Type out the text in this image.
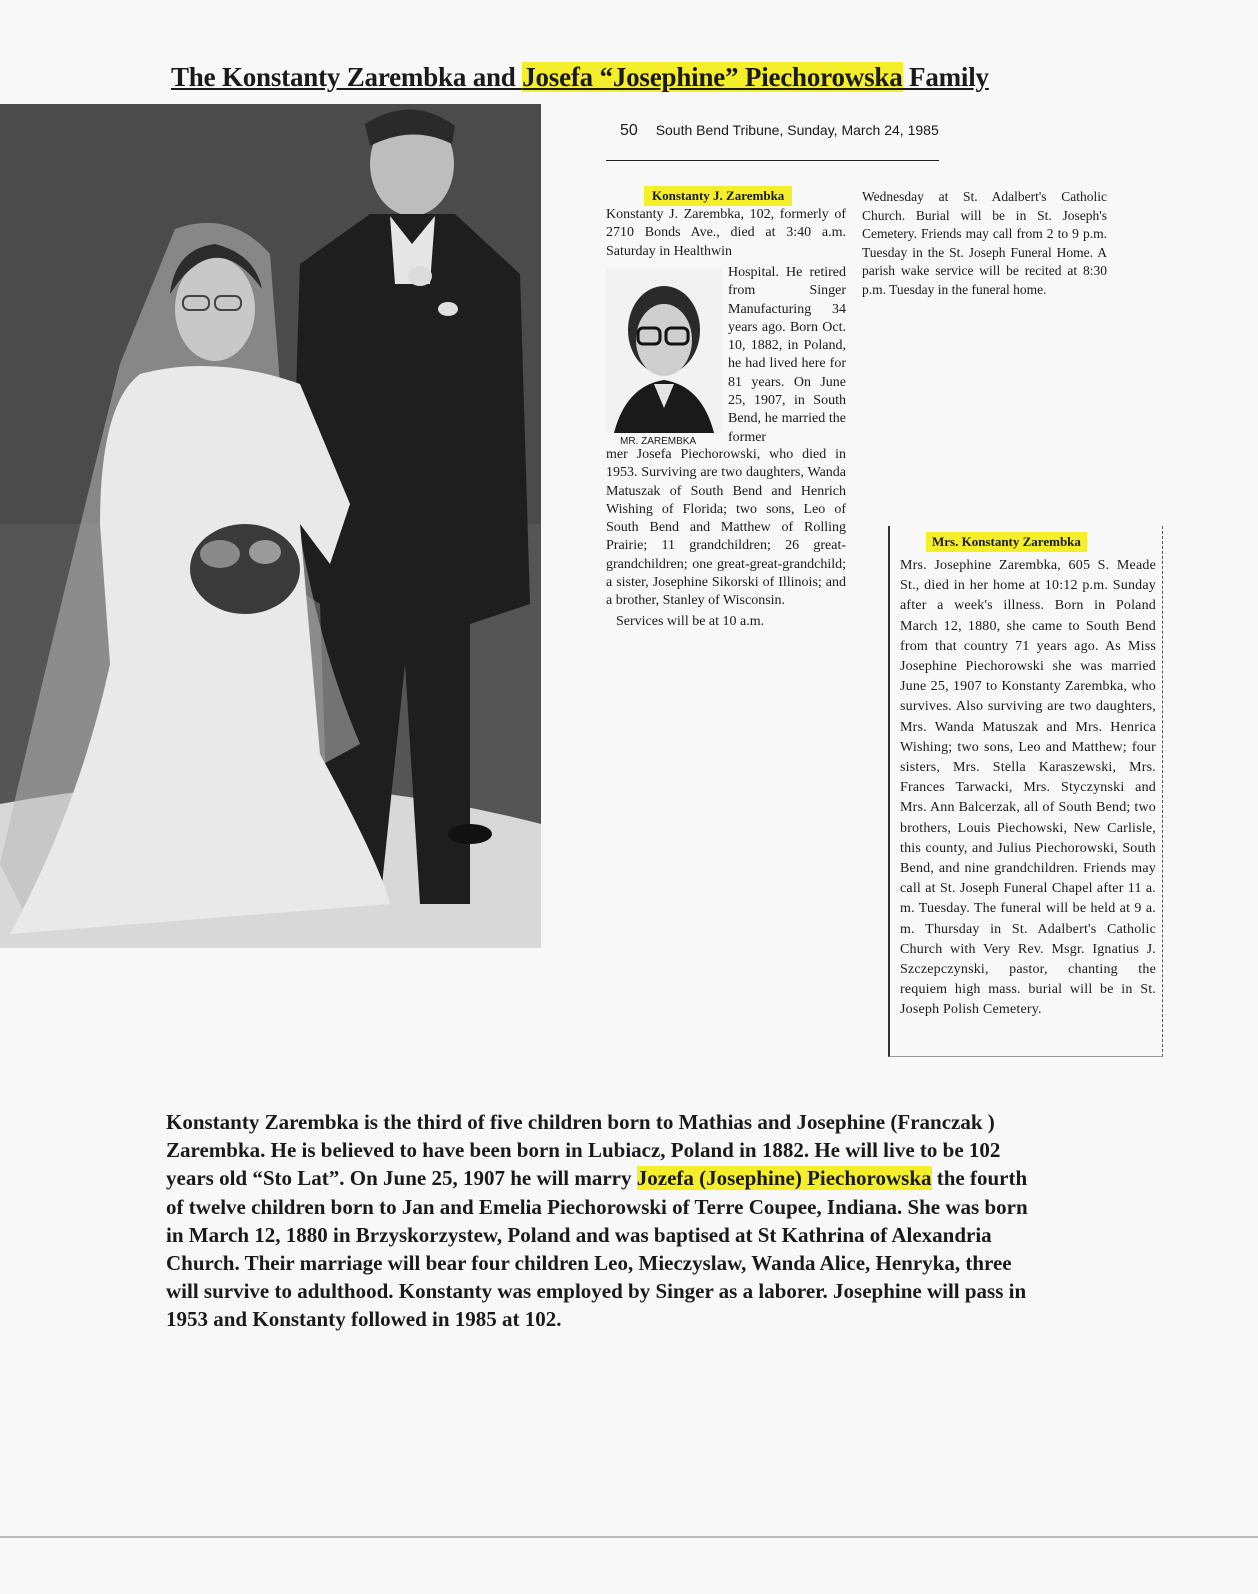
The Konstanty Zarembka and Josefa “Josephine” Piechorowska Family
50 South Bend Tribune, Sunday, March 24, 1985
Konstanty J. Zarembka
Konstanty J. Zarembka, 102, formerly of 2710 Bonds Ave., died at 3:40 a.m. Saturday in Healthwin
Hospital. He retired from Singer Manufacturing 34 years ago. Born Oct. 10, 1882, in Poland, he had lived here for 81 years. On June 25, 1907, in South Bend, he married the former
MR. ZAREMBKA
mer Josefa Piechorowski, who died in 1953. Surviving are two daughters, Wanda Matuszak of South Bend and Henrich Wishing of Florida; two sons, Leo of South Bend and Matthew of Rolling Prairie; 11 grandchildren; 26 great-grandchildren; one great-great-grandchild; a sister, Josephine Sikorski of Illinois; and a brother, Stanley of Wisconsin.
Services will be at 10 a.m.
Wednesday at St. Adalbert's Catholic Church. Burial will be in St. Joseph's Cemetery. Friends may call from 2 to 9 p.m. Tuesday in the St. Joseph Funeral Home. A parish wake service will be recited at 8:30 p.m. Tuesday in the funeral home.
Mrs. Konstanty Zarembka
Mrs. Josephine Zarembka, 605 S. Meade St., died in her home at 10:12 p.m. Sunday after a week's illness. Born in Poland March 12, 1880, she came to South Bend from that country 71 years ago. As Miss Josephine Piechorowski she was married June 25, 1907 to Konstanty Zarembka, who survives. Also surviving are two daughters, Mrs. Wanda Matuszak and Mrs. Henrica Wishing; two sons, Leo and Matthew; four sisters, Mrs. Stella Karaszewski, Mrs. Frances Tarwacki, Mrs. Styczynski and Mrs. Ann Balcerzak, all of South Bend; two brothers, Louis Piechowski, New Carlisle, this county, and Julius Piechorowski, South Bend, and nine grandchildren. Friends may call at St. Joseph Funeral Chapel after 11 a. m. Tuesday. The funeral will be held at 9 a. m. Thursday in St. Adalbert's Catholic Church with Very Rev. Msgr. Ignatius J. Szczepczynski, pastor, chanting the requiem high mass. burial will be in St. Joseph Polish Cemetery.
Konstanty Zarembka is the third of five children born to Mathias and Josephine (Franczak ) Zarembka. He is believed to have been born in Lubiacz, Poland in 1882. He will live to be 102 years old “Sto Lat”. On June 25, 1907 he will marry Jozefa (Josephine) Piechorowska the fourth of twelve children born to Jan and Emelia Piechorowski of Terre Coupee, Indiana. She was born in March 12, 1880 in Brzyskorzystew, Poland and was baptised at St Kathrina of Alexandria Church. Their marriage will bear four children Leo, Mieczyslaw, Wanda Alice, Henryka, three will survive to adulthood. Konstanty was employed by Singer as a laborer. Josephine will pass in 1953 and Konstanty followed in 1985 at 102.
